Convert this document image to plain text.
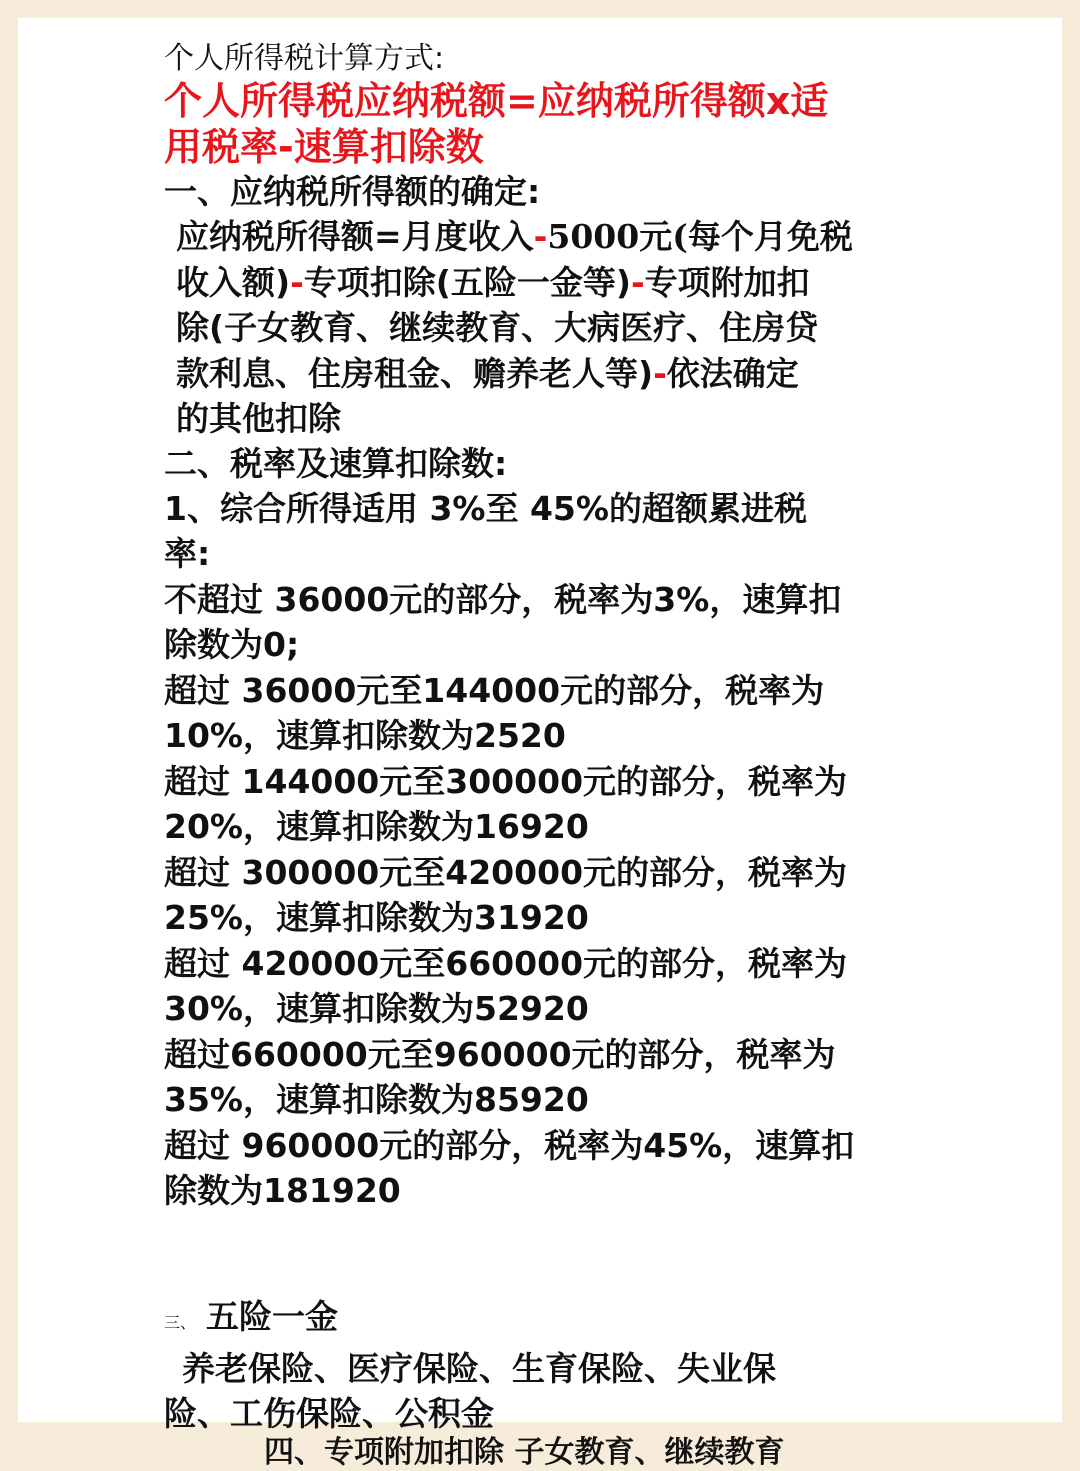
个人所得税计算方式:
个人所得税应纳税额=应纳税所得额x适
用税率-速算扣除数
一、应纳税所得额的确定:
应纳税所得额=月度收入-5000元(每个月免税
收入额)-专项扣除(五险一金等)-专项附加扣
除(子女教育、继续教育、大病医疗、住房贷
款利息、住房租金、赡养老人等)-依法确定
的其他扣除
二、税率及速算扣除数:
1、综合所得适用 3%至 45%的超额累进税
率:
不超过 36000元的部分，税率为3%，速算扣
除数为0;
超过 36000元至144000元的部分，税率为
10%，速算扣除数为2520
超过 144000元至300000元的部分，税率为
20%，速算扣除数为16920
超过 300000元至420000元的部分，税率为
25%，速算扣除数为31920
超过 420000元至660000元的部分，税率为
30%，速算扣除数为52920
超过660000元至960000元的部分，税率为
35%，速算扣除数为85920
超过 960000元的部分，税率为45%，速算扣
除数为181920
三、 五险一金
养老保险、医疗保险、生育保险、失业保
险、工伤保险、公积金
四、专项附加扣除 子女教育、继续教育
